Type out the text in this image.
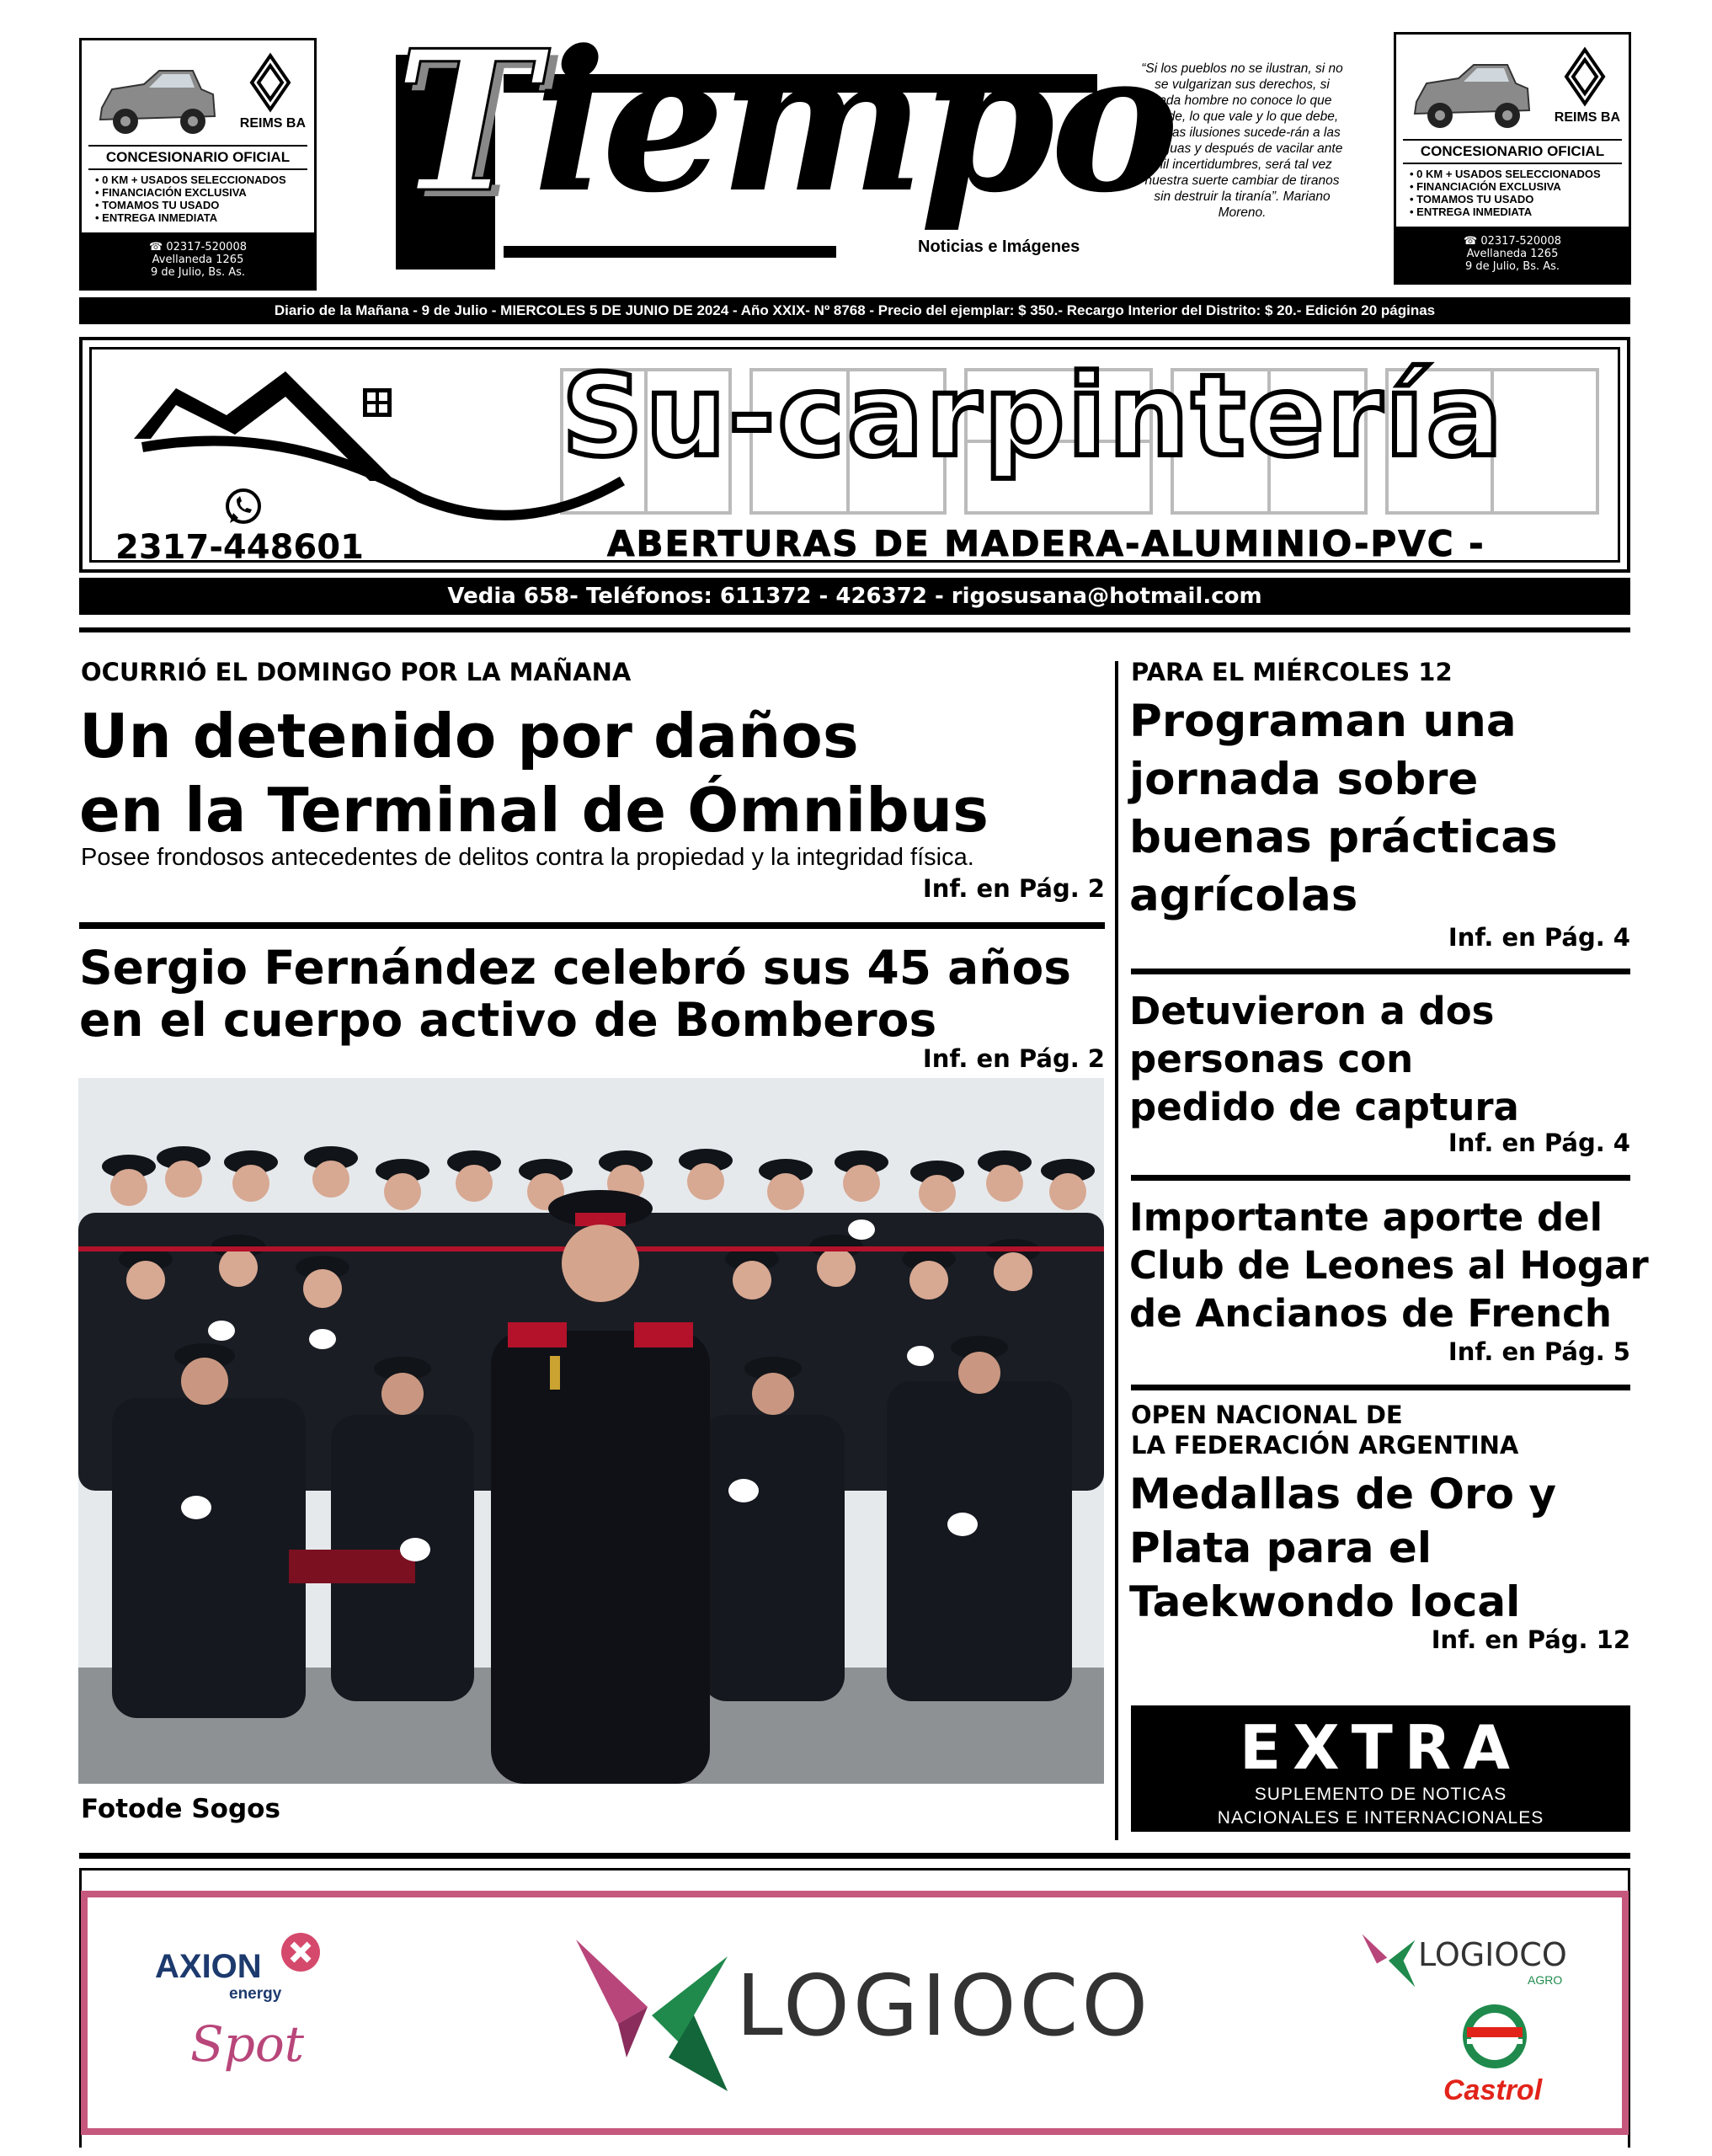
REIMS BA
CONCESIONARIO OFICIAL
• 0 KM + USADOS SELECCIONADOS
• FINANCIACIÓN EXCLUSIVA
• TOMAMOS TU USADO
• ENTREGA INMEDIATA
☎ 02317-520008
Avellaneda 1265
9 de Julio, Bs. As.
Tiempo
Noticias e Imágenes
“Si los pueblos no se ilustran, si no se vulgarizan sus derechos, si cada hombre no conoce lo que puede, lo que vale y lo que debe, nuevas ilusiones sucede-rán a las antiguas y después de vacilar ante mil incertidumbres, será tal vez nuestra suerte cambiar de tiranos sin destruir la tiranía”. Mariano Moreno.
REIMS BA
CONCESIONARIO OFICIAL
• 0 KM + USADOS SELECCIONADOS
• FINANCIACIÓN EXCLUSIVA
• TOMAMOS TU USADO
• ENTREGA INMEDIATA
☎ 02317-520008
Avellaneda 1265
9 de Julio, Bs. As.
Diario de la Mañana - 9 de Julio - MIERCOLES 5 DE JUNIO DE 2024 - Año XXIX- Nº 8768 - Precio del ejemplar: $ 350.- Recargo Interior del Distrito: $ 20.- Edición 20 páginas
Su-carpintería
2317-448601	ABERTURAS DE MADERA-ALUMINIO-PVC -
Vedia 658- Teléfonos: 611372 - 426372 - rigosusana@hotmail.com
OCURRIÓ EL DOMINGO POR LA MAÑANA
Un detenido por daños
en la Terminal de Ómnibus
Posee frondosos antecedentes de delitos contra la propiedad y la integridad física.
Inf. en Pág. 2
Sergio Fernández celebró sus 45 años
en el cuerpo activo de Bomberos
Inf. en Pág. 2
Fotode Sogos
PARA EL MIÉRCOLES 12
Programan una
jornada sobre
buenas prácticas
agrícolas
Inf. en Pág. 4
Detuvieron a dos
personas con
pedido de captura
Inf. en Pág. 4
Importante aporte del
Club de Leones al Hogar
de Ancianos de French
Inf. en Pág. 5
OPEN NACIONAL DE
LA FEDERACIÓN ARGENTINA
Medallas de Oro y
Plata para el
Taekwondo local
Inf. en Pág. 12
EXTRA
SUPLEMENTO DE NOTICAS
NACIONALES E INTERNACIONALES
AXION
energy
Spot	LOGIOCO
LOGIOCO
AGRO
Castrol
